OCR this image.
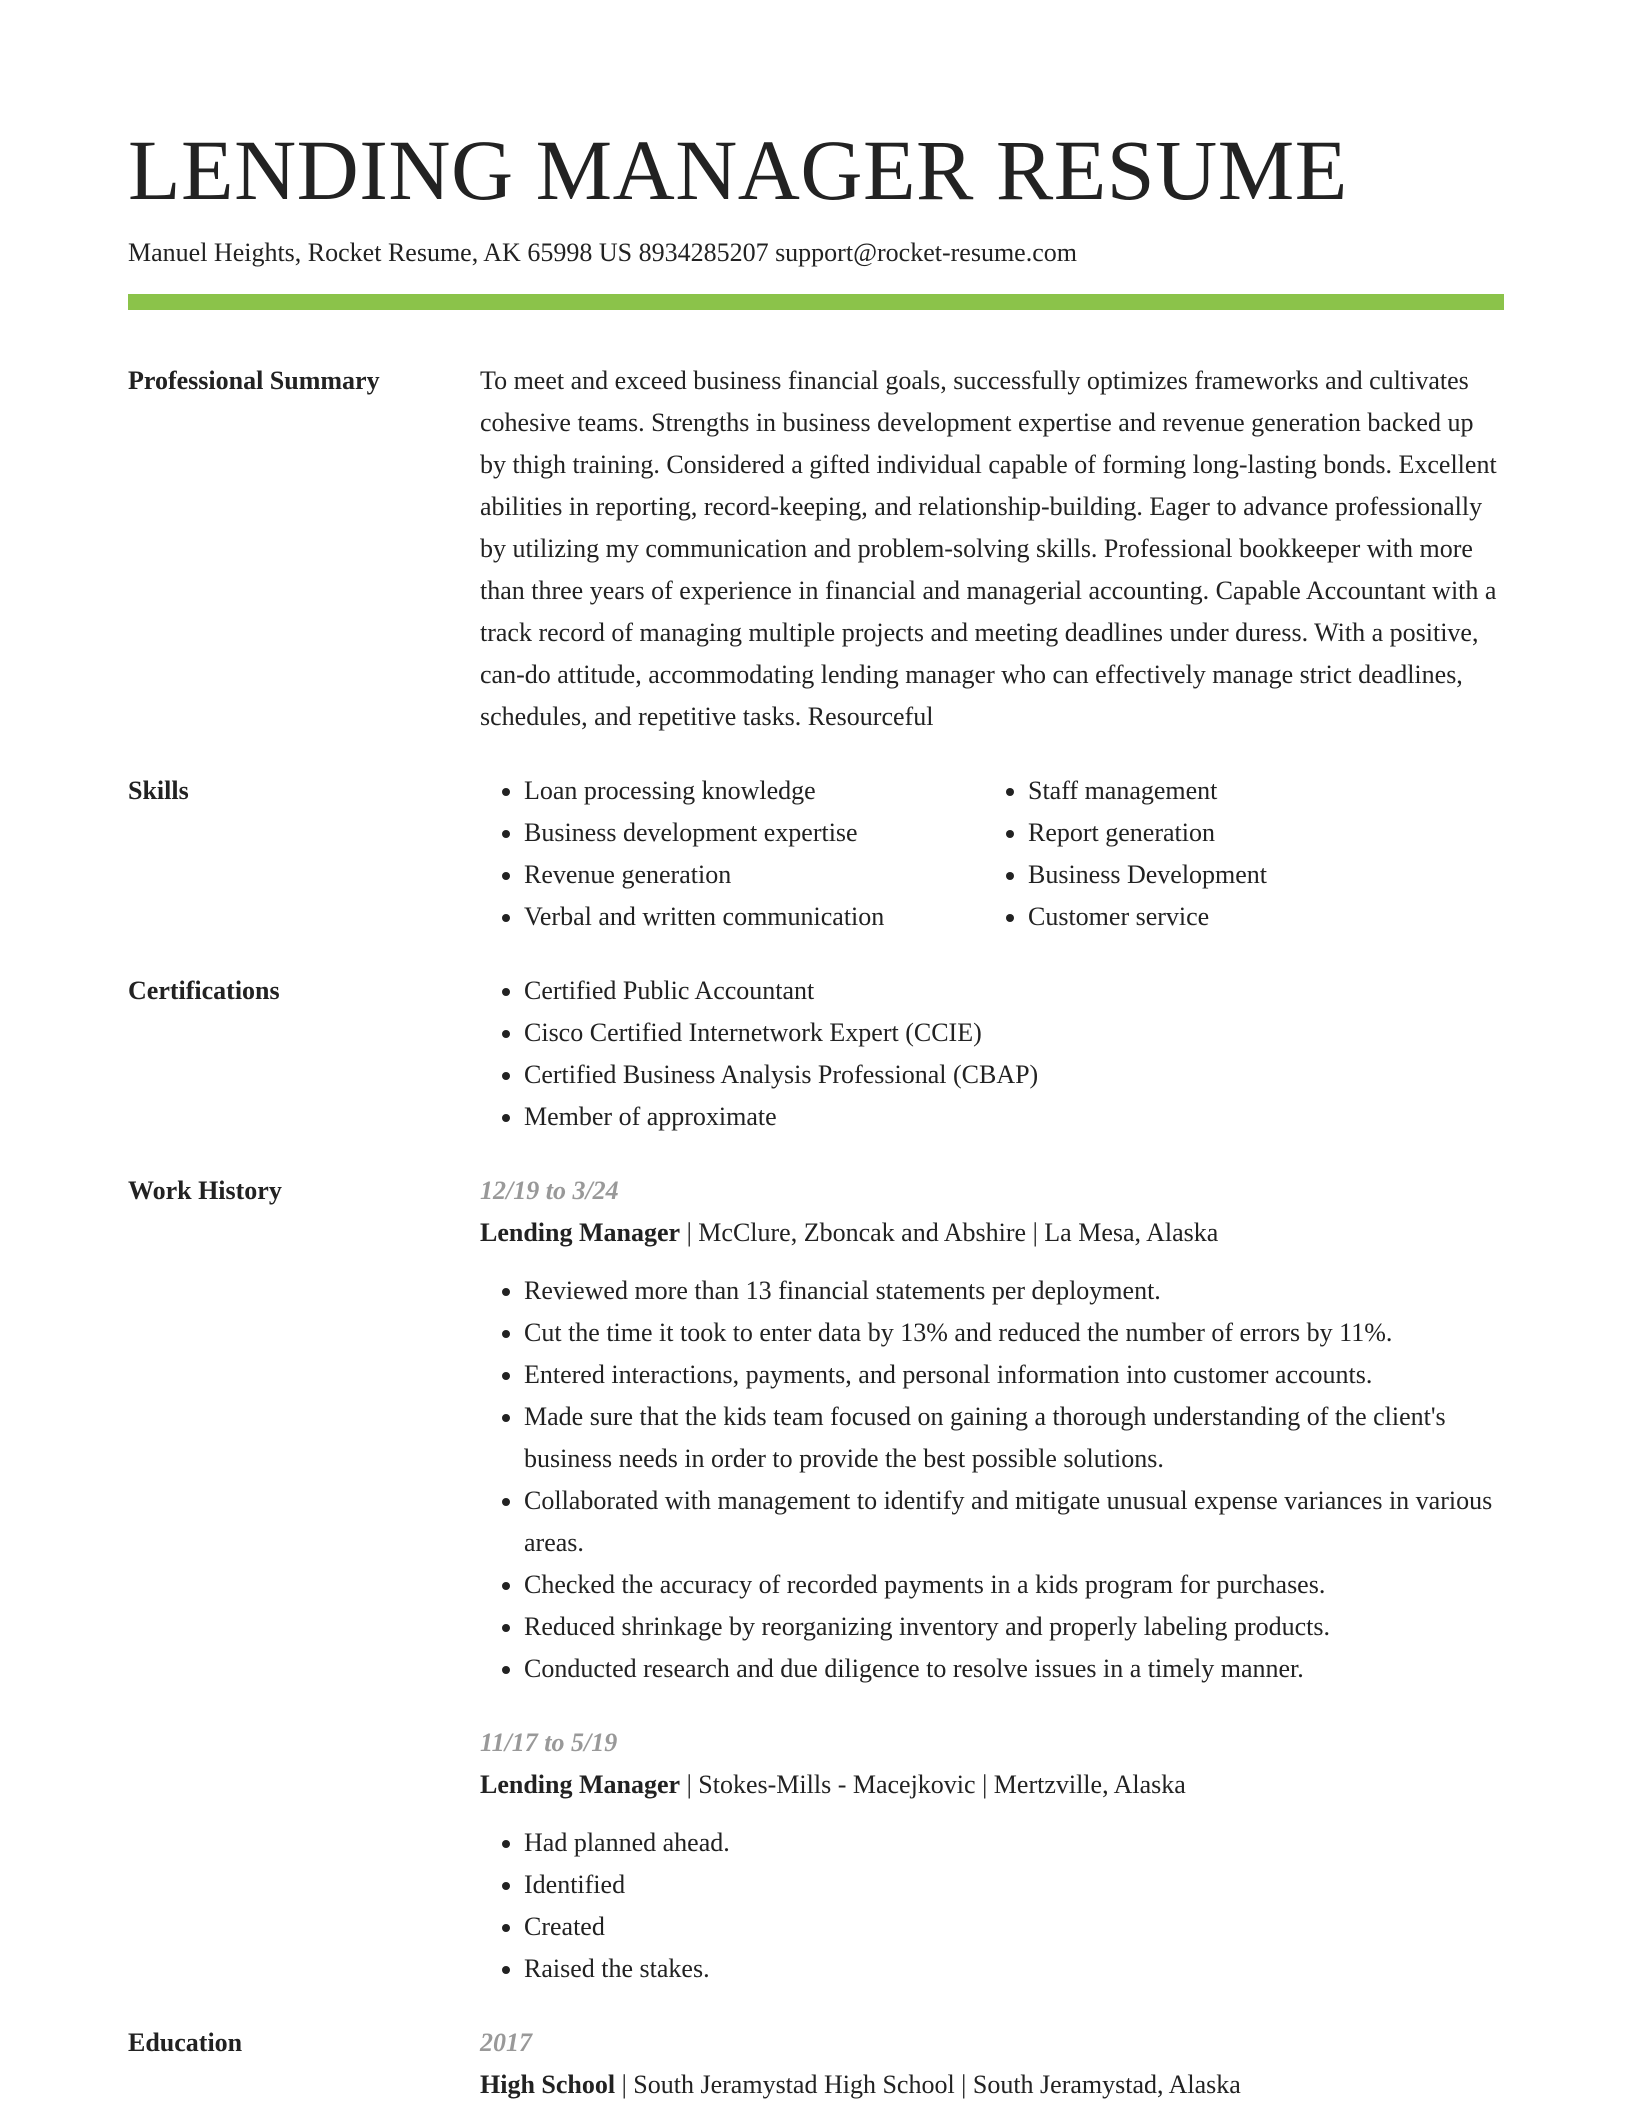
LENDING MANAGER RESUME
Manuel Heights, Rocket Resume, AK 65998 US 8934285207 support@rocket-resume.com
Professional Summary	To meet and exceed business financial goals, successfully optimizes frameworks and cultivates cohesive teams. Strengths in business development expertise and revenue generation backed up by thigh training. Considered a gifted individual capable of forming long-lasting bonds. Excellent abilities in reporting, record-keeping, and relationship-building. Eager to advance professionally by utilizing my communication and problem-solving skills. Professional bookkeeper with more than three years of experience in financial and managerial accounting. Capable Accountant with a track record of managing multiple projects and meeting deadlines under duress. With a positive, can-do attitude, accommodating lending manager who can effectively manage strict deadlines, schedules, and repetitive tasks. Resourceful
Skills	• Loan processing knowledge
• Business development expertise
• Revenue generation
• Verbal and written communication
• Staff management
• Report generation
• Business Development
• Customer service
Certifications	• Certified Public Accountant
• Cisco Certified Internetwork Expert (CCIE)
• Certified Business Analysis Professional (CBAP)
• Member of approximate
Work History	12/19 to 3/24
Lending Manager | McClure, Zboncak and Abshire | La Mesa, Alaska
• Reviewed more than 13 financial statements per deployment.
• Cut the time it took to enter data by 13% and reduced the number of errors by 11%.
• Entered interactions, payments, and personal information into customer accounts.
• Made sure that the kids team focused on gaining a thorough understanding of the client's business needs in order to provide the best possible solutions.
• Collaborated with management to identify and mitigate unusual expense variances in various areas.
• Checked the accuracy of recorded payments in a kids program for purchases.
• Reduced shrinkage by reorganizing inventory and properly labeling products.
• Conducted research and due diligence to resolve issues in a timely manner.
11/17 to 5/19
Lending Manager | Stokes-Mills - Macejkovic | Mertzville, Alaska
• Had planned ahead.
• Identified
• Created
• Raised the stakes.
Education	2017
High School | South Jeramystad High School | South Jeramystad, Alaska
